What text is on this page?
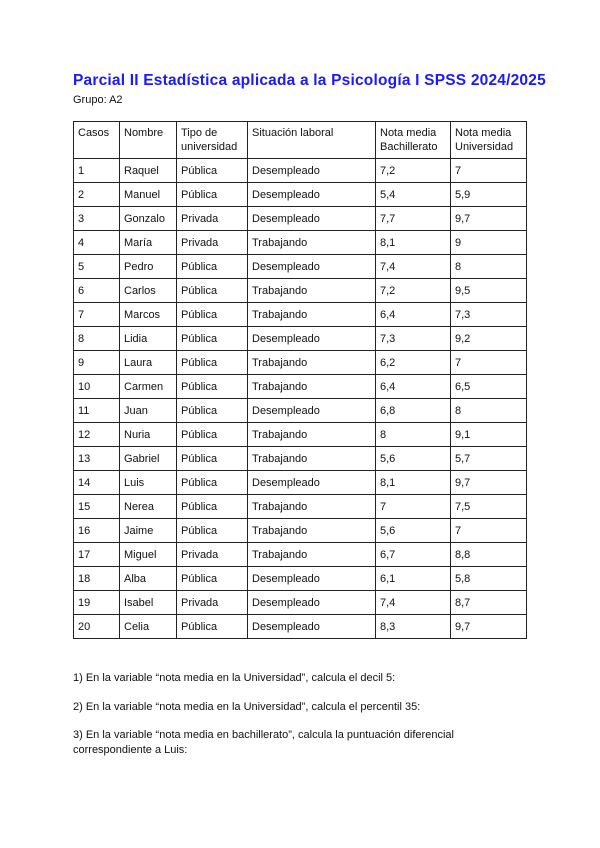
Parcial II Estadística aplicada a la Psicología I SPSS 2024/2025
Grupo: A2
Casos	Nombre	Tipo de universidad	Situación laboral	Nota media Bachillerato	Nota media Universidad
1	Raquel	Pública	Desempleado	7,2	7
2	Manuel	Pública	Desempleado	5,4	5,9
3	Gonzalo	Privada	Desempleado	7,7	9,7
4	María	Privada	Trabajando	8,1	9
5	Pedro	Pública	Desempleado	7,4	8
6	Carlos	Pública	Trabajando	7,2	9,5
7	Marcos	Pública	Trabajando	6,4	7,3
8	Lidia	Pública	Desempleado	7,3	9,2
9	Laura	Pública	Trabajando	6,2	7
10	Carmen	Pública	Trabajando	6,4	6,5
11	Juan	Pública	Desempleado	6,8	8
12	Nuria	Pública	Trabajando	8	9,1
13	Gabriel	Pública	Trabajando	5,6	5,7
14	Luis	Pública	Desempleado	8,1	9,7
15	Nerea	Pública	Trabajando	7	7,5
16	Jaime	Pública	Trabajando	5,6	7
17	Miguel	Privada	Trabajando	6,7	8,8
18	Alba	Pública	Desempleado	6,1	5,8
19	Isabel	Privada	Desempleado	7,4	8,7
20	Celia	Pública	Desempleado	8,3	9,7
1) En la variable “nota media en la Universidad”, calcula el decil 5:
2) En la variable “nota media en la Universidad”, calcula el percentil 35:
3) En la variable “nota media en bachillerato”, calcula la puntuación diferencial correspondiente a Luis:
